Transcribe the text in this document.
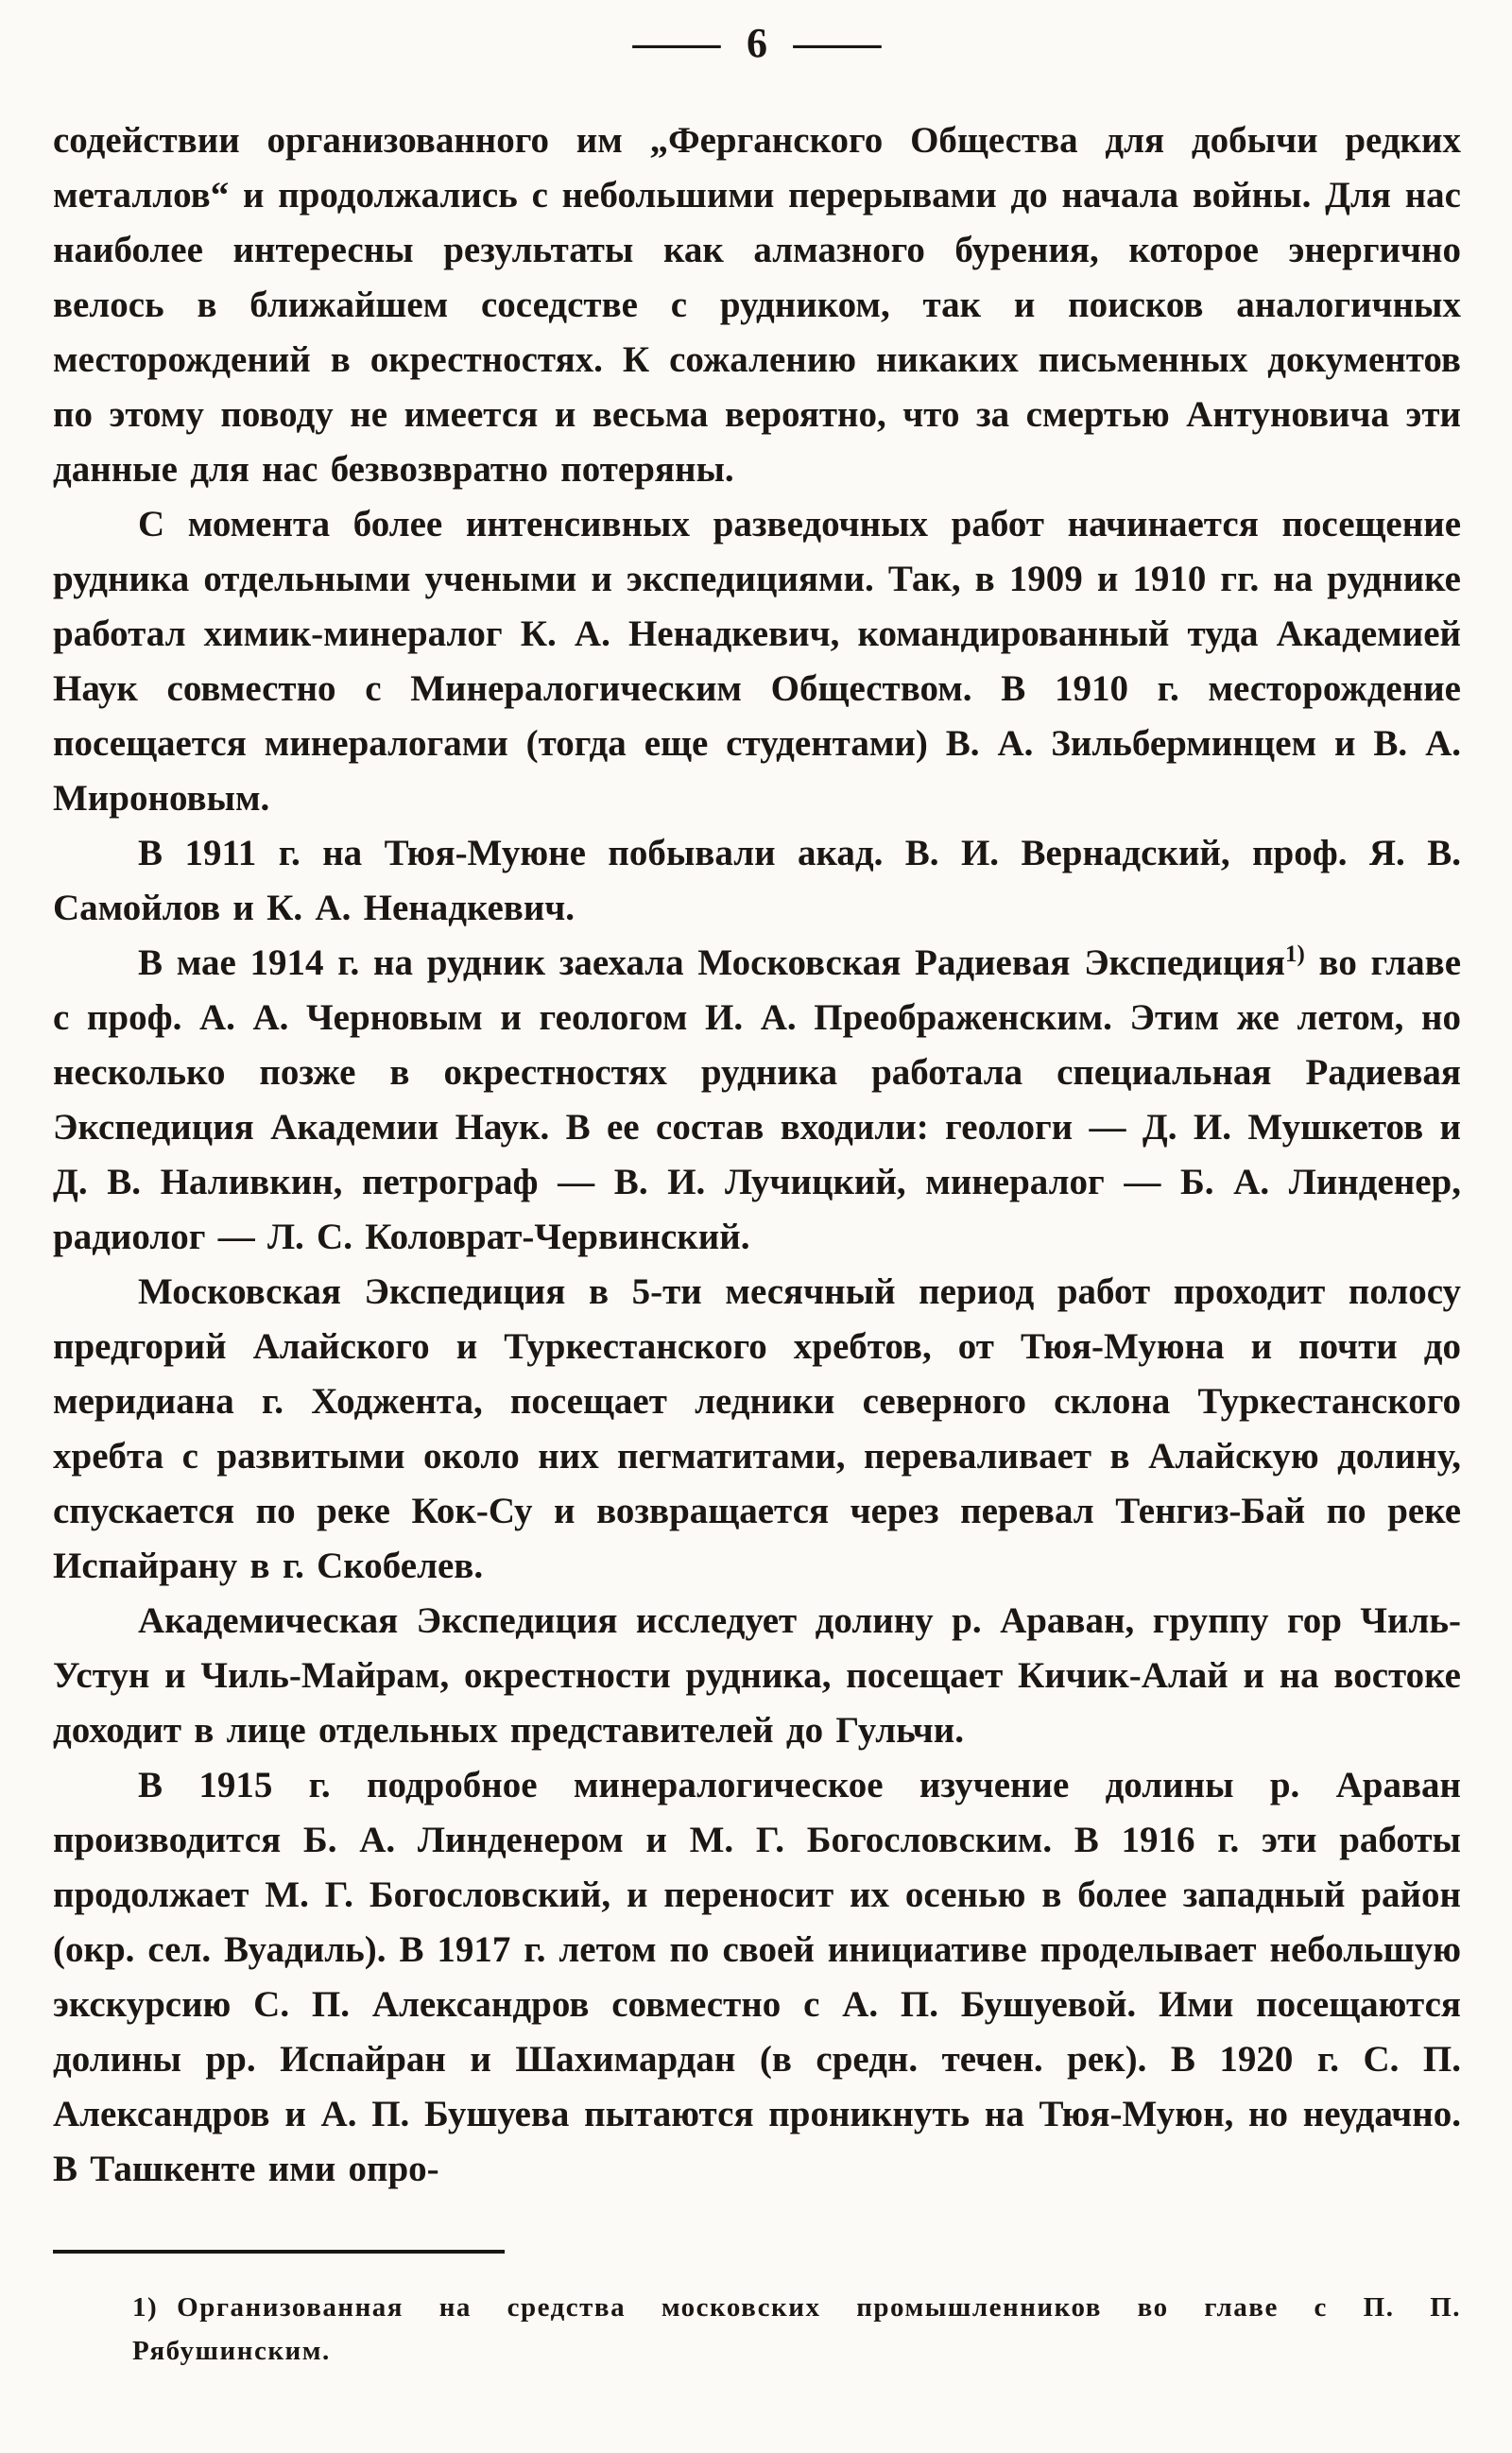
— 6 —

содействии организованного им „Ферганского Общества для добычи редких металлов“ и продолжались с небольшими перерывами до начала войны. Для нас наиболее интересны результаты как алмазного бурения, которое энергично велось в ближайшем соседстве с рудником, так и поисков аналогичных месторождений в окрестностях. К сожалению никаких письменных документов по этому поводу не имеется и весьма вероятно, что за смертью Антуновича эти данные для нас безвозвратно потеряны.

С момента более интенсивных разведочных работ начинается посещение рудника отдельными учеными и экспедициями. Так, в 1909 и 1910 гг. на руднике работал химик-минералог К. А. Ненадкевич, командированный туда Академией Наук совместно с Минералогическим Обществом. В 1910 г. месторождение посещается минералогами (тогда еще студентами) В. А. Зильберминцем и В. А. Мироновым.

В 1911 г. на Тюя-Муюне побывали акад. В. И. Вернадский, проф. Я. В. Самойлов и К. А. Ненадкевич.

В мае 1914 г. на рудник заехала Московская Радиевая Экспедиция$^{1)}$ во главе с проф. А. А. Черновым и геологом И. А. Преображенским. Этим же летом, но несколько позже в окрестностях рудника работала специальная Радиевая Экспедиция Академии Наук. В ее состав входили: геологи — Д. И. Мушкетов и Д. В. Наливкин, петрограф — В. И. Лучицкий, минералог — Б. А. Линденер, радиолог — Л. С. Коловрат-Червинский.

Московская Экспедиция в 5-ти месячный период работ проходит полосу предгорий Алайского и Туркестанского хребтов, от Тюя-Муюна и почти до меридиана г. Ходжента, посещает ледники северного склона Туркестанского хребта с развитыми около них пегматитами, переваливает в Алайскую долину, спускается по реке Кок-Су и возвращается через перевал Тенгиз-Бай по реке Испайрану в г. Скобелев.

Академическая Экспедиция исследует долину р. Араван, группу гор Чиль-Устун и Чиль-Майрам, окрестности рудника, посещает Кичик-Алай и на востоке доходит в лице отдельных представителей до Гульчи.

В 1915 г. подробное минералогическое изучение долины р. Араван производится Б. А. Линденером и М. Г. Богословским. В 1916 г. эти работы продолжает М. Г. Богословский, и переносит их осенью в более западный район (окр. сел. Вуадиль). В 1917 г. летом по своей инициативе проделывает небольшую экскурсию С. П. Александров совместно с А. П. Бушуевой. Ими посещаются долины рр. Испайран и Шахимардан (в средн. течен. рек). В 1920 г. С. П. Александров и А. П. Бушуева пытаются проникнуть на Тюя-Муюн, но неудачно. В Ташкенте ими опро-

1) Организованная на средства московских промышленников во главе с П. П. Рябушинским.
